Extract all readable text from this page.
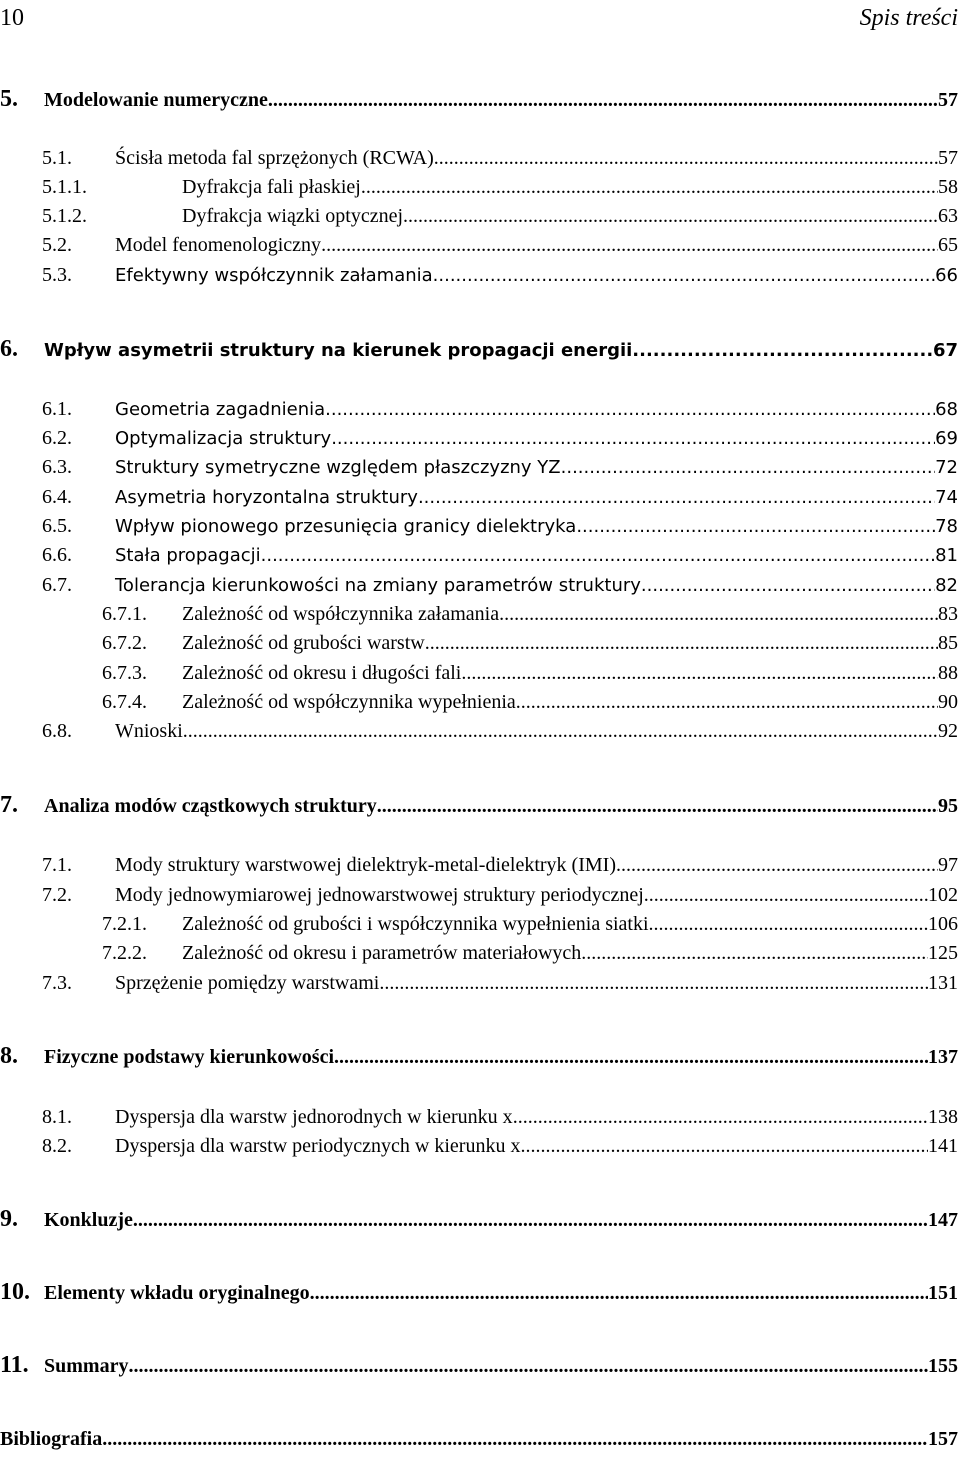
10	Spis treści
5.	Modelowanie numeryczne .....	57
5.1.	Ścisła metoda fal sprzężonych (RCWA) .....	57
5.1.1.	Dyfrakcja fali płaskiej .....	58
5.1.2.	Dyfrakcja wiązki optycznej .....	63
5.2.	Model fenomenologiczny .....	65
5.3.	Efektywny współczynnik załamania .....	66
6.	Wpływ asymetrii struktury na kierunek propagacji energii .....	67
6.1.	Geometria zagadnienia .....	68
6.2.	Optymalizacja struktury .....	69
6.3.	Struktury symetryczne względem płaszczyzny YZ .....	72
6.4.	Asymetria horyzontalna struktury .....	74
6.5.	Wpływ pionowego przesunięcia granicy dielektryka .....	78
6.6.	Stała propagacji .....	81
6.7.	Tolerancja kierunkowości na zmiany parametrów struktury .....	82
6.7.1.	Zależność od współczynnika załamania .....	83
6.7.2.	Zależność od grubości warstw .....	85
6.7.3.	Zależność od okresu i długości fali .....	88
6.7.4.	Zależność od współczynnika wypełnienia .....	90
6.8.	Wnioski .....	92
7.	Analiza modów cząstkowych struktury .....	95
7.1.	Mody struktury warstwowej dielektryk-metal-dielektryk (IMI) .....	97
7.2.	Mody jednowymiarowej jednowarstwowej struktury periodycznej .....	102
7.2.1.	Zależność od grubości i współczynnika wypełnienia siatki .....	106
7.2.2.	Zależność od okresu i parametrów materiałowych .....	125
7.3.	Sprzężenie pomiędzy warstwami .....	131
8.	Fizyczne podstawy kierunkowości .....	137
8.1.	Dyspersja dla warstw jednorodnych w kierunku x .....	138
8.2.	Dyspersja dla warstw periodycznych w kierunku x .....	141
9.	Konkluzje .....	147
10. Elementy wkładu oryginalnego .....	151
11. Summary .....	155
Bibliografia .....	157
